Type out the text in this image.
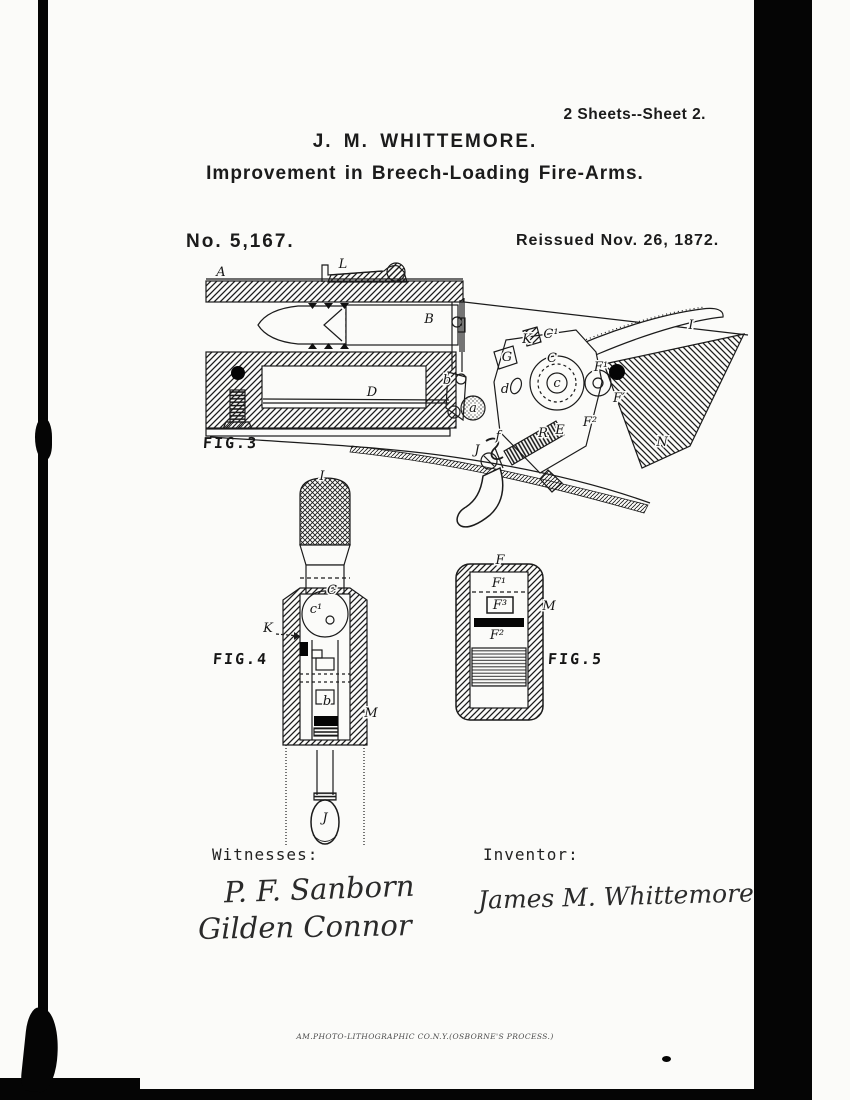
2 Sheets--Sheet 2.
J. M. WHITTEMORE.
Improvement in Breech-Loading Fire-Arms.
No. 5,167.	Reissued Nov. 26, 1872.
A
L
B
D
b
K C¹
G	C
c
F¹
d
a
F′
F²
E
R
f
J
N
I
I
C
c¹
K
b
M
J
F
F¹
F³
F²
M
FIG.3
FIG.4	FIG.5
Witnesses:
P. F. Sanborn
Gilden Connor
Inventor:
James M. Whittemore
AM.PHOTO-LITHOGRAPHIC CO.N.Y.(OSBORNE'S PROCESS.)
